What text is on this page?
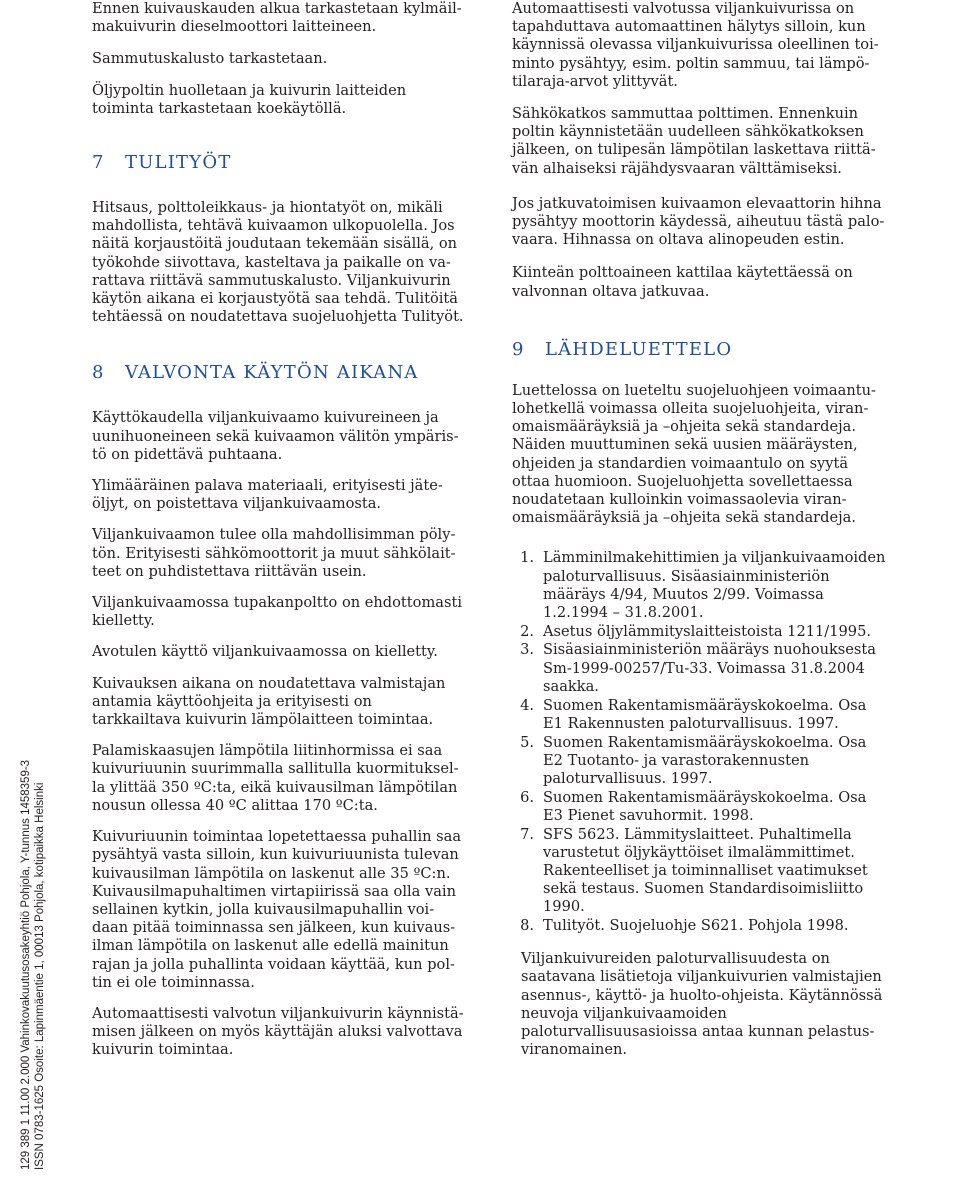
129 389 1 11.00 2.000 Vahinkovakuutusosakeyhtiö Pohjola, Y-tunnus 1458359-3 ISSN 0783-1625 Osoite: Lapinmäentie 1, 00013 Pohjola, kotipaikka Helsinki

Ennen kuivauskauden alkua tarkastetaan kylmäilmakuivurin dieselmoottori laitteineen.

Sammutuskalusto tarkastetaan.

Öljypoltin huolletaan ja kuivurin laitteiden toiminta tarkastetaan koekäytöllä.

7	TULITYÖT

Hitsaus, polttoleikkaus- ja hiontatyöt on, mikäli mahdollista, tehtävä kuivaamon ulkopuolella. Jos näitä korjaustöitä joudutaan tekemään sisällä, on työkohde siivottava, kasteltava ja paikalle on varattava riittävä sammutuskalusto. Viljankuivurin käytön aikana ei korjaustyötä saa tehdä. Tulitöitä tehtäessä on noudatettava suojeluohjetta Tulityöt.

8	VALVONTA KÄYTÖN AIKANA

Käyttökaudella viljankuivaamo kuivureineen ja uunihuoneineen sekä kuivaamon välitön ympäristö on pidettävä puhtaana.

Ylimääräinen palava materiaali, erityisesti jäteöljyt, on poistettava viljankuivaamosta.

Viljankuivaamon tulee olla mahdollisimman pölytön. Erityisesti sähkömoottorit ja muut sähkölaitteet on puhdistettava riittävän usein.

Viljankuivaamossa tupakanpoltto on ehdottomasti kielletty.

Avotulen käyttö viljankuivaamossa on kielletty.

Kuivauksen aikana on noudatettava valmistajan antamia käyttöohjeita ja erityisesti on tarkkailtava kuivurin lämpölaitteen toimintaa.

Palamiskaasujen lämpötila liitinhormissa ei saa kuivuriuunin suurimmalla sallitulla kuormituksella ylittää 350 ºC:ta, eikä kuivausilman lämpötilan nousun ollessa 40 ºC alittaa 170 ºC:ta.

Kuivuriuunin toimintaa lopetettaessa puhallin saa pysähtyä vasta silloin, kun kuivuriuunista tulevan kuivausilman lämpötila on laskenut alle 35 ºC:n. Kuivausilmapuhaltimen virtapiirissä saa olla vain sellainen kytkin, jolla kuivausilmapuhallin voidaan pitää toiminnassa sen jälkeen, kun kuivausilman lämpötila on laskenut alle edellä mainitun rajan ja jolla puhallinta voidaan käyttää, kun poltin ei ole toiminnassa.

Automaattisesti valvotun viljankuivurin käynnistämisen jälkeen on myös käyttäjän aluksi valvottava kuivurin toimintaa.

Automaattisesti valvotussa viljankuivurissa on tapahduttava automaattinen hälytys silloin, kun käynnissä olevassa viljankuivurissa oleellinen toiminto pysähtyy, esim. poltin sammuu, tai lämpötilaraja-arvot ylittyvät.

Sähkökatkos sammuttaa polttimen. Ennenkuin poltin käynnistetään uudelleen sähkökatkoksen jälkeen, on tulipesän lämpötilan laskettava riittävän alhaiseksi räjähdysvaaran välttämiseksi.

Jos jatkuvatoimisen kuivaamon elevaattorin hihna pysähtyy moottorin käydessä, aiheutuu tästä palovaara. Hihnassa on oltava alinopeuden estin.

Kiinteän polttoaineen kattilaa käytettäessä on valvonnan oltava jatkuvaa.

9	LÄHDELUETTELO

Luettelossa on lueteltu suojeluohjeen voimaantulohetkellä voimassa olleita suojeluohjeita, viranomaismääräyksiä ja –ohjeita sekä standardeja. Näiden muuttuminen sekä uusien määräysten, ohjeiden ja standardien voimaantulo on syytä ottaa huomioon. Suojeluohjetta sovellettaessa noudatetaan kulloinkin voimassaolevia viranomaismääräyksiä ja –ohjeita sekä standardeja.

1. Lämminilmakehittimien ja viljankuivaamoiden paloturvallisuus. Sisäasiainministeriön määräys 4/94, Muutos 2/99. Voimassa 1.2.1994 – 31.8.2001.
2. Asetus öljylämmityslaitteistoista 1211/1995.
3. Sisäasiainministeriön määräys nuohouksesta Sm-1999-00257/Tu-33. Voimassa 31.8.2004 saakka.
4. Suomen Rakentamismääräyskokoelma. Osa E1 Rakennusten paloturvallisuus. 1997.
5. Suomen Rakentamismääräyskokoelma. Osa E2 Tuotanto- ja varastorakennusten paloturvallisuus. 1997.
6. Suomen Rakentamismääräyskokoelma. Osa E3 Pienet savuhormit. 1998.
7. SFS 5623. Lämmityslaitteet. Puhaltimella varustetut öljykäyttöiset ilmalämmittimet. Rakenteelliset ja toiminnalliset vaatimukset sekä testaus. Suomen Standardisoimisliitto 1990.
8. Tulityöt. Suojeluohje S621. Pohjola 1998.

Viljankuivureiden paloturvallisuudesta on saatavana lisätietoja viljankuivurien valmistajien asennus-, käyttö- ja huolto-ohjeista. Käytännössä neuvoja viljankuivaamoiden paloturvallisuusasioissa antaa kunnan pelastusviranomainen.
